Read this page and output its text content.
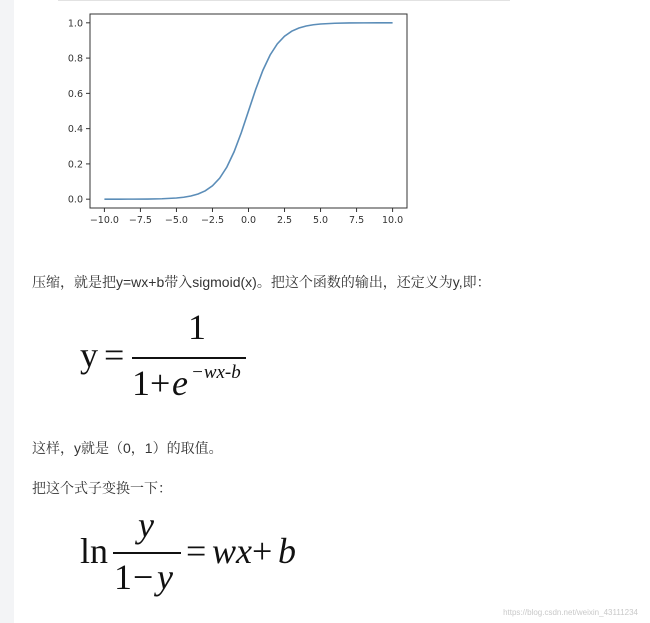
0.0
0.2
0.4
0.6
0.8
1.0
−10.0 −7.5 −5.0 −2.5 0.0 2.5 5.0 7.5 10.0
压缩，就是把y=wx+b带入sigmoid(x)。把这个函数的输出，还定义为y,即：
y =
1
1 + e −wx-b
这样，y就是（0，1）的取值。
把这个式子变换一下：
ln
y
1 − y
= wx + b
https://blog.csdn.net/weixin_43111234
